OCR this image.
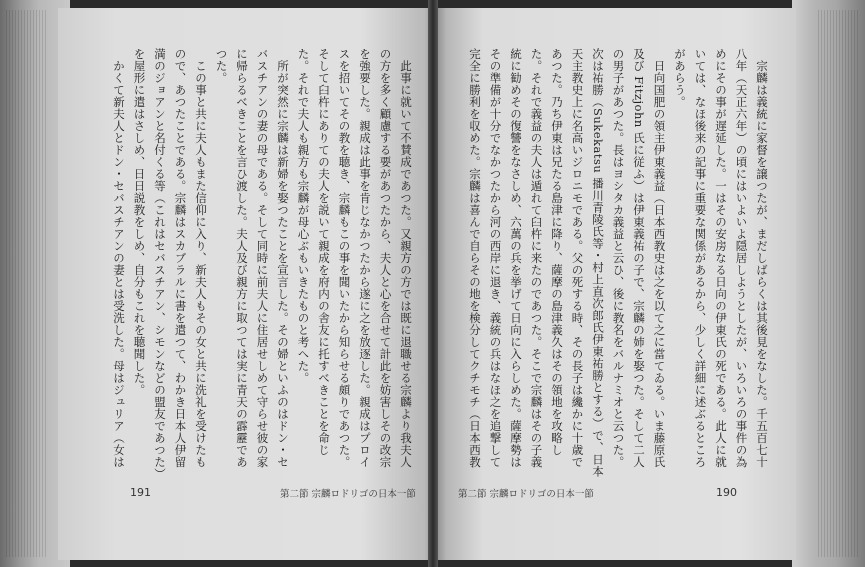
此事に就いて不賛成であつた。又親方の方では既に退職せる宗麟より我夫人の方を多く顧慮する要があつたから、夫人と心を合せて計此を妨害しその改宗を強要した。親成は此事を肯じなかつたから遂に之を放逐した。親成はプロイスを招いてその教を聴き、宗麟もこの事を聞いたから知らせる頗りであつた。そして臼杵にありての夫人を説いて親成を府内の舎友に托すべきことを命じた。それで夫人も親方も宗麟が母心ぶもいきたものと考へた。

所が突然に宗麟は新婦を娶つたことを宣言した。その婦といふのはドン・セバスチアンの妻の母である。そして同時に前夫人に住居せしめて守らせ彼の家に帰らるべきことを言ひ渡した。夫人及び親方に取つては実に青天の霹靂であつた。

この事と共に夫人もまた信仰に入り、新夫人もその女と共に洗礼を受けたもので、あつたことである。宗麟はスカブラルに書を遣つて、わかき日本人伊留満のジョアンと名付くる等（これはセバスチアン、シモンなどの盟友であつた）を屋形に遣はさしめ、日日説教をしめ、自分もこれを聴聞した。

かくて新夫人とドン・セバスチアンの妻とは受洗した。母はジュリア（女は

191	第二節 宗麟ロドリゴの日本一節

宗麟は義統に家督を譲つたが、まだしばらくは其後見をなした。千五百七十八年（天正六年）の頃にはいよいよ隠居しようとしたが、いろいろの事件の為めにその事が遅延した。一はその安房なる日向の伊東氏の死である。此人に就いては、なほ後来の記事に重要な関係があるから、少しく詳細に述ぶるところがあらう。

日向国肥の領主伊東義益（日本西教史は之を以て之に當てゐる。いま藤原氏及び Fitzjohn 氏に従ふ）は伊東義祐の子で、宗麟の姉を娶つた。そして二人の男子があつた。長はヨシタカ義益と云ひ、後に教名をバルナミオと云つた。次は祐勝（Sukekatsu 播川青陵氏等・村上直次郎氏伊東祐勝とする）で、日本天主教史上に名高いジロニモである。父の死する時、その長子は纔かに十歳であつた。乃ち伊東は兄たる島津に降り、薩摩の島津義久はその領地を攻略した。それで義益の夫人は遁れて臼杵に来たのであつた。そこで宗麟はその子義統に勧めその復讐をなさしめ、六萬の兵を挙げて日向に入らしめた。薩摩勢はその準備が十分でなかつたから河の西岸に退き、義統の兵はなほ之を追撃して完全に勝利を収めた。宗麟は喜んで自らその地を検分してクチモチ（日本西教

第二節 宗麟ロドリゴの日本一節	190
